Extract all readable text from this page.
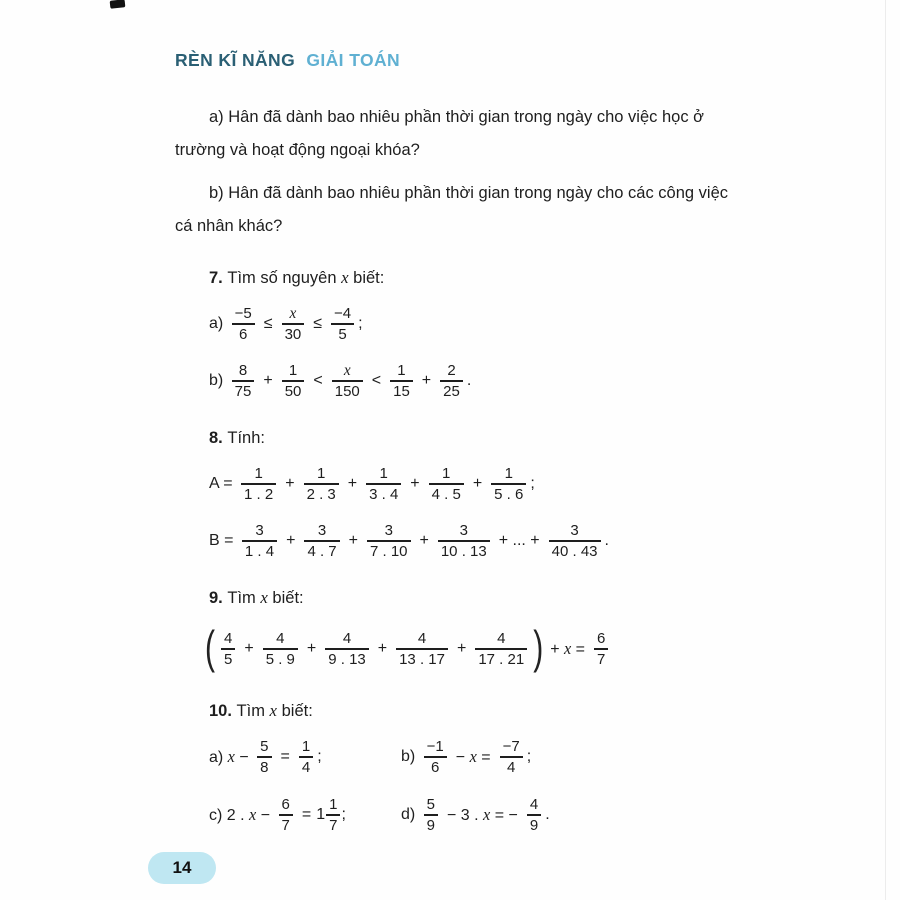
RÈN KĨ NĂNG GIẢI TOÁN

a) Hân đã dành bao nhiêu phần thời gian trong ngày cho việc học ở trường và hoạt động ngoại khóa?

b) Hân đã dành bao nhiêu phần thời gian trong ngày cho các công việc cá nhân khác?

7. Tìm số nguyên x biết:

$a) \frac{-5}{6} \le \frac{x}{30} \le \frac{-4}{5}$ ;
$b) \frac{8}{75} + \frac{1}{50} < \frac{x}{150} < \frac{1}{15} + \frac{2}{25}$ .

8. Tính:

$A = \frac{1}{1 . 2} + \frac{1}{2 . 3} + \frac{1}{3 . 4} + \frac{1}{4 . 5} + \frac{1}{5 . 6}$ ;
$B = \frac{3}{1 . 4} + \frac{3}{4 . 7} + \frac{3}{7 . 10} + \frac{3}{10 . 13}$ + ... + $\frac{3}{40 . 43}$ .

9. Tìm x biết:

( $\frac{4}{5} + \frac{4}{5 . 9} + \frac{4}{9 . 13} + \frac{4}{13 . 17} + \frac{4}{17 . 21}$ ) + $x = \frac{6}{7}$

10. Tìm x biết:

a) $x - \frac{5}{8} = \frac{1}{4}$ ;	$b) \frac{-1}{6} - x = \frac{-7}{4}$ ;
c) 2 . $x - \frac{6}{7} = 1 \frac{1}{7}$ ;	$d) \frac{5}{9} - 3$ . x = − $\frac{4}{9}$ .
14
